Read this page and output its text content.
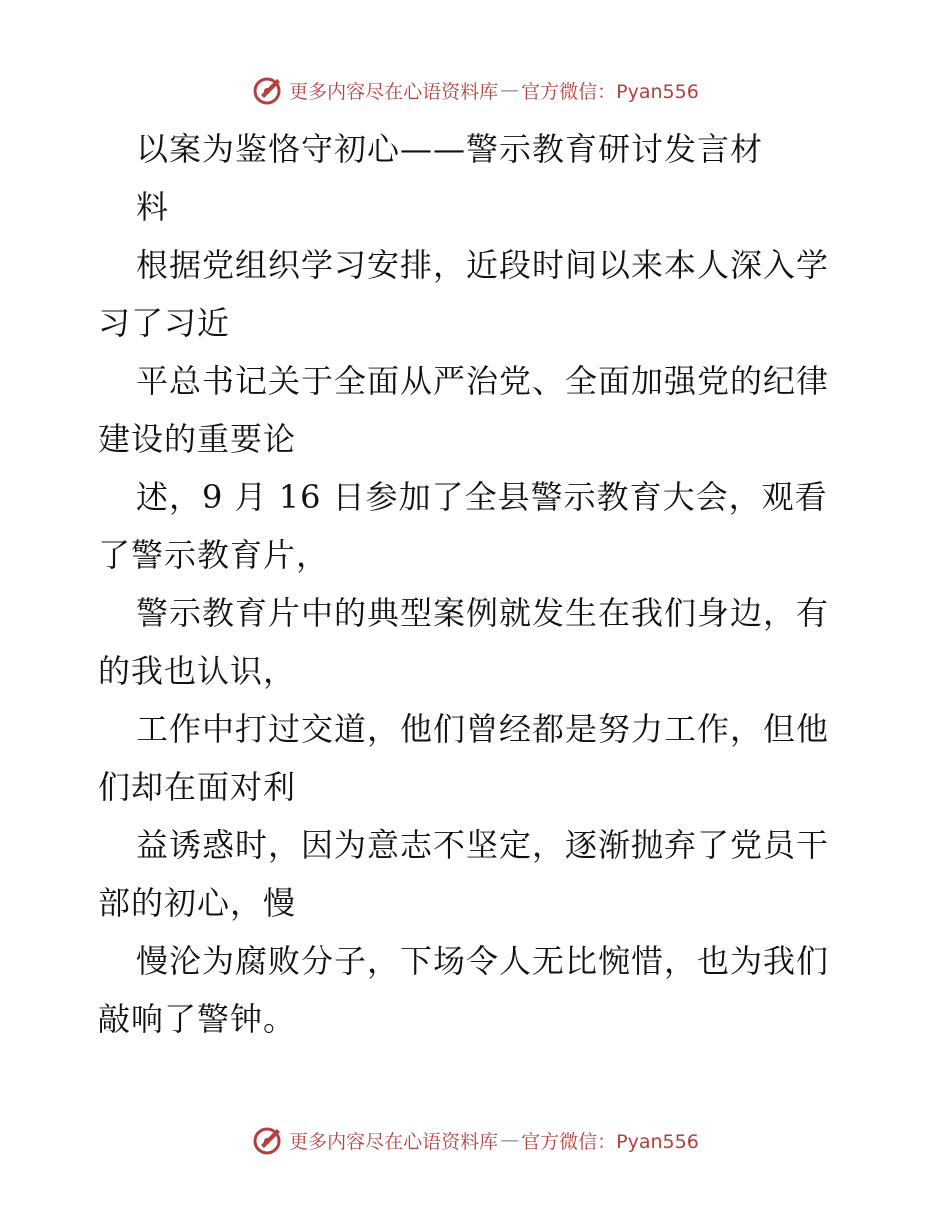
更多内容尽在心语资料库 — 官方微信：Pyan556
以案为鉴恪守初心——警示教育研讨发言材
料
根据党组织学习安排，近段时间以来本人深入学
习了习近
平总书记关于全面从严治党、全面加强党的纪律
建设的重要论
述，9 月 16 日参加了全县警示教育大会，观看
了警示教育片，
警示教育片中的典型案例就发生在我们身边，有
的我也认识，
工作中打过交道，他们曾经都是努力工作，但他
们却在面对利
益诱惑时，因为意志不坚定，逐渐抛弃了党员干
部的初心，慢
慢沦为腐败分子，下场令人无比惋惜，也为我们
敲响了警钟。
更多内容尽在心语资料库 — 官方微信：Pyan556
